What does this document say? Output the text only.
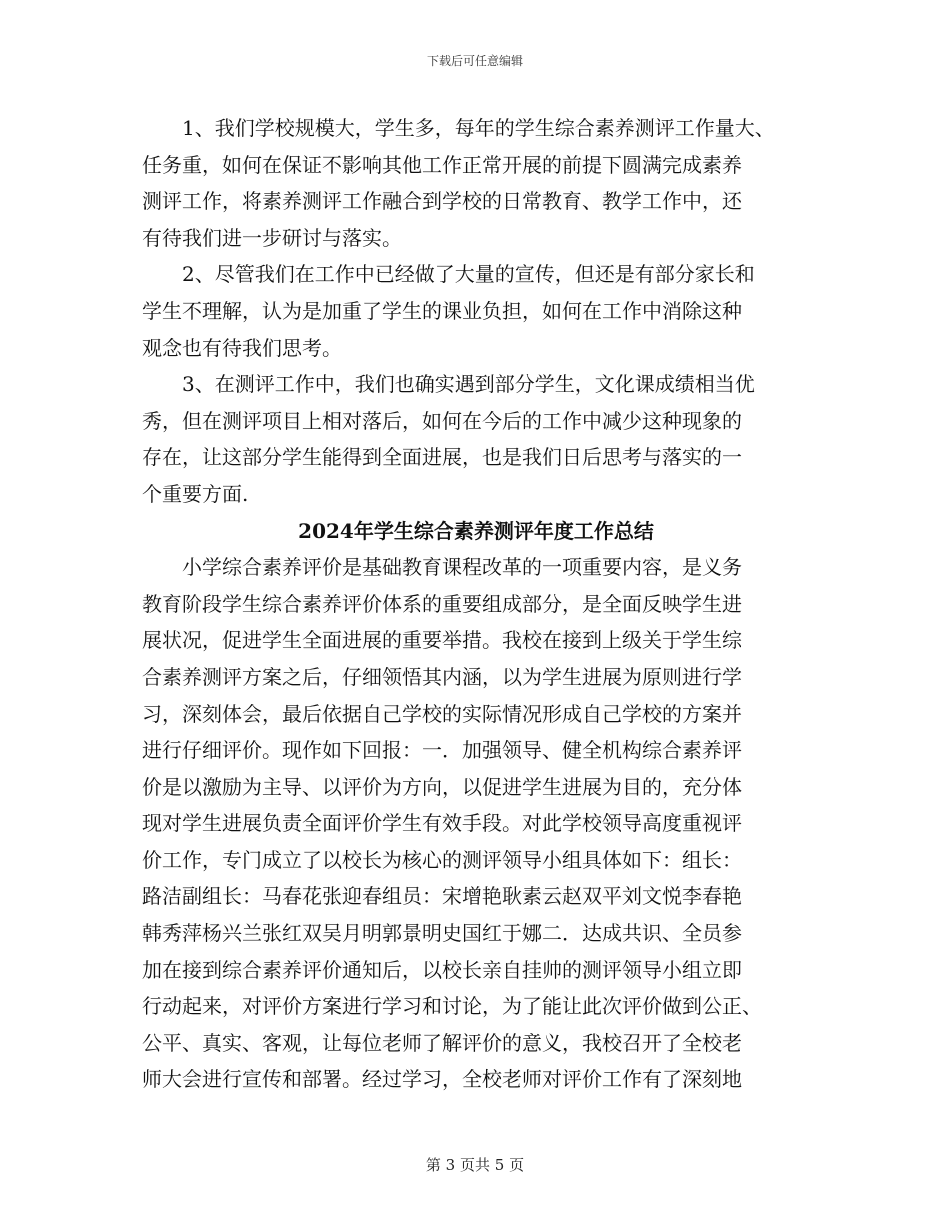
下载后可任意编辑
1、我们学校规模大，学生多，每年的学生综合素养测评工作量大、
任务重，如何在保证不影响其他工作正常开展的前提下圆满完成素养
测评工作，将素养测评工作融合到学校的日常教育、教学工作中，还
有待我们进一步研讨与落实。
2、尽管我们在工作中已经做了大量的宣传，但还是有部分家长和
学生不理解，认为是加重了学生的课业负担，如何在工作中消除这种
观念也有待我们思考。
3、在测评工作中，我们也确实遇到部分学生，文化课成绩相当优
秀，但在测评项目上相对落后，如何在今后的工作中减少这种现象的
存在，让这部分学生能得到全面进展，也是我们日后思考与落实的一
个重要方面.
2024年学生综合素养测评年度工作总结
小学综合素养评价是基础教育课程改革的一项重要内容，是义务
教育阶段学生综合素养评价体系的重要组成部分，是全面反映学生进
展状况，促进学生全面进展的重要举措。我校在接到上级关于学生综
合素养测评方案之后，仔细领悟其内涵，以为学生进展为原则进行学
习，深刻体会，最后依据自己学校的实际情况形成自己学校的方案并
进行仔细评价。现作如下回报：一．加强领导、健全机构综合素养评
价是以激励为主导、以评价为方向，以促进学生进展为目的，充分体
现对学生进展负责全面评价学生有效手段。对此学校领导高度重视评
价工作，专门成立了以校长为核心的测评领导小组具体如下：组长：
路洁副组长：马春花张迎春组员：宋增艳耿素云赵双平刘文悦李春艳
韩秀萍杨兴兰张红双吴月明郭景明史国红于娜二．达成共识、全员参
加在接到综合素养评价通知后，以校长亲自挂帅的测评领导小组立即
行动起来，对评价方案进行学习和讨论，为了能让此次评价做到公正、
公平、真实、客观，让每位老师了解评价的意义，我校召开了全校老
师大会进行宣传和部署。经过学习，全校老师对评价工作有了深刻地
第 3 页共 5 页
